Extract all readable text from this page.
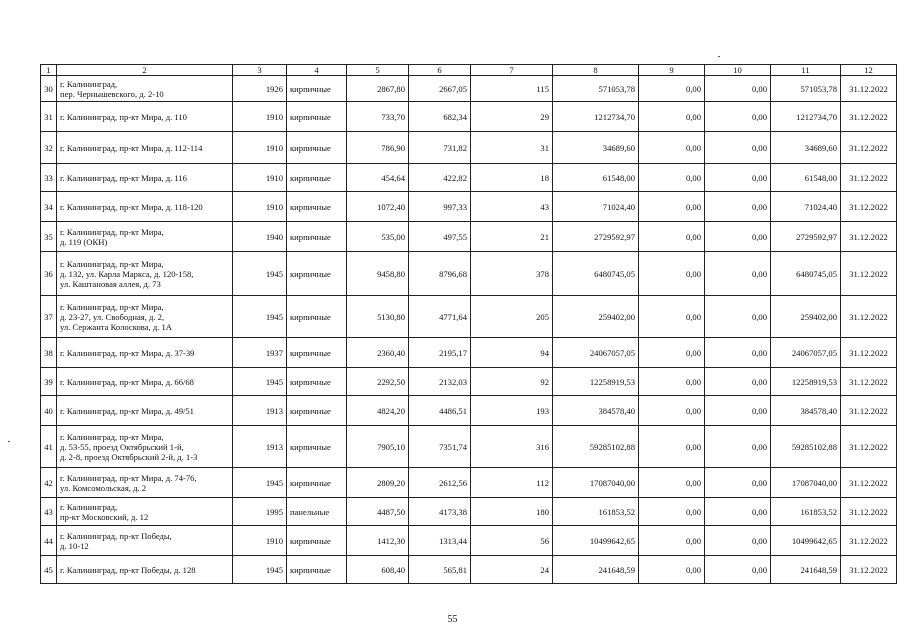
1	2	3	4	5	6	7	8	9	10	11	12
30	г. Калининград,
пер. Чернышевского, д. 2-10	1926	кирпичные	2867,80	2667,05	115	571053,78	0,00	0,00	571053,78	31.12.2022
31	г. Калининград, пр-кт Мира, д. 110	1910	кирпичные	733,70	682,34	29	1212734,70	0,00	0,00	1212734,70	31.12.2022
32	г. Калининград, пр-кт Мира, д. 112-114	1910	кирпичные	786,90	731,82	31	34689,60	0,00	0,00	34689,60	31.12.2022
33	г. Калининград, пр-кт Мира, д. 116	1910	кирпичные	454,64	422,82	18	61548,00	0,00	0,00	61548,00	31.12.2022
34	г. Калининград, пр-кт Мира, д. 118-120	1910	кирпичные	1072,40	997,33	43	71024,40	0,00	0,00	71024,40	31.12.2022
35	г. Калининград, пр-кт Мира,
д. 119 (ОКН)	1940	кирпичные	535,00	497,55	21	2729592,97	0,00	0,00	2729592,97	31.12.2022
36	г. Калининград, пр-кт Мира,
д. 132, ул. Карла Маркса, д. 120-158,
ул. Каштановая аллея, д. 73	1945	кирпичные	9458,80	8796,68	378	6480745,05	0,00	0,00	6480745,05	31.12.2022
37	г. Калининград, пр-кт Мира,
д. 23-27, ул. Свободная, д. 2,
ул. Сержанта Колоскова, д. 1А	1945	кирпичные	5130,80	4771,64	205	259402,00	0,00	0,00	259402,00	31.12.2022
38	г. Калининград, пр-кт Мира, д. 37-39	1937	кирпичные	2360,40	2195,17	94	24067057,05	0,00	0,00	24067057,05	31.12.2022
39	г. Калининград, пр-кт Мира, д. 66/68	1945	кирпичные	2292,50	2132,03	92	12258919,53	0,00	0,00	12258919,53	31.12.2022
40	г. Калининград, пр-кт Мира, д. 49/51	1913	кирпичные	4824,20	4486,51	193	384578,40	0,00	0,00	384578,40	31.12.2022
41	г. Калининград, пр-кт Мира,
д. 53-55, проезд Октябрьский 1-й,
д. 2-8, проезд Октябрьский 2-й, д. 1-3	1913	кирпичные	7905,10	7351,74	316	59285102,88	0,00	0,00	59285102,88	31.12.2022
42	г. Калининград, пр-кт Мира, д. 74-76,
ул. Комсомольская, д. 2	1945	кирпичные	2809,20	2612,56	112	17087040,00	0,00	0,00	17087040,00	31.12.2022
43	г. Калининград,
пр-кт Московский, д. 12	1995	панельные	4487,50	4173,38	180	161853,52	0,00	0,00	161853,52	31.12.2022
44	г. Калининград, пр-кт Победы,
д. 10-12	1910	кирпичные	1412,30	1313,44	56	10499642,65	0,00	0,00	10499642,65	31.12.2022
45	г. Калининград, пр-кт Победы, д. 128	1945	кирпичные	608,40	565,81	24	241648,59	0,00	0,00	241648,59	31.12.2022
55
